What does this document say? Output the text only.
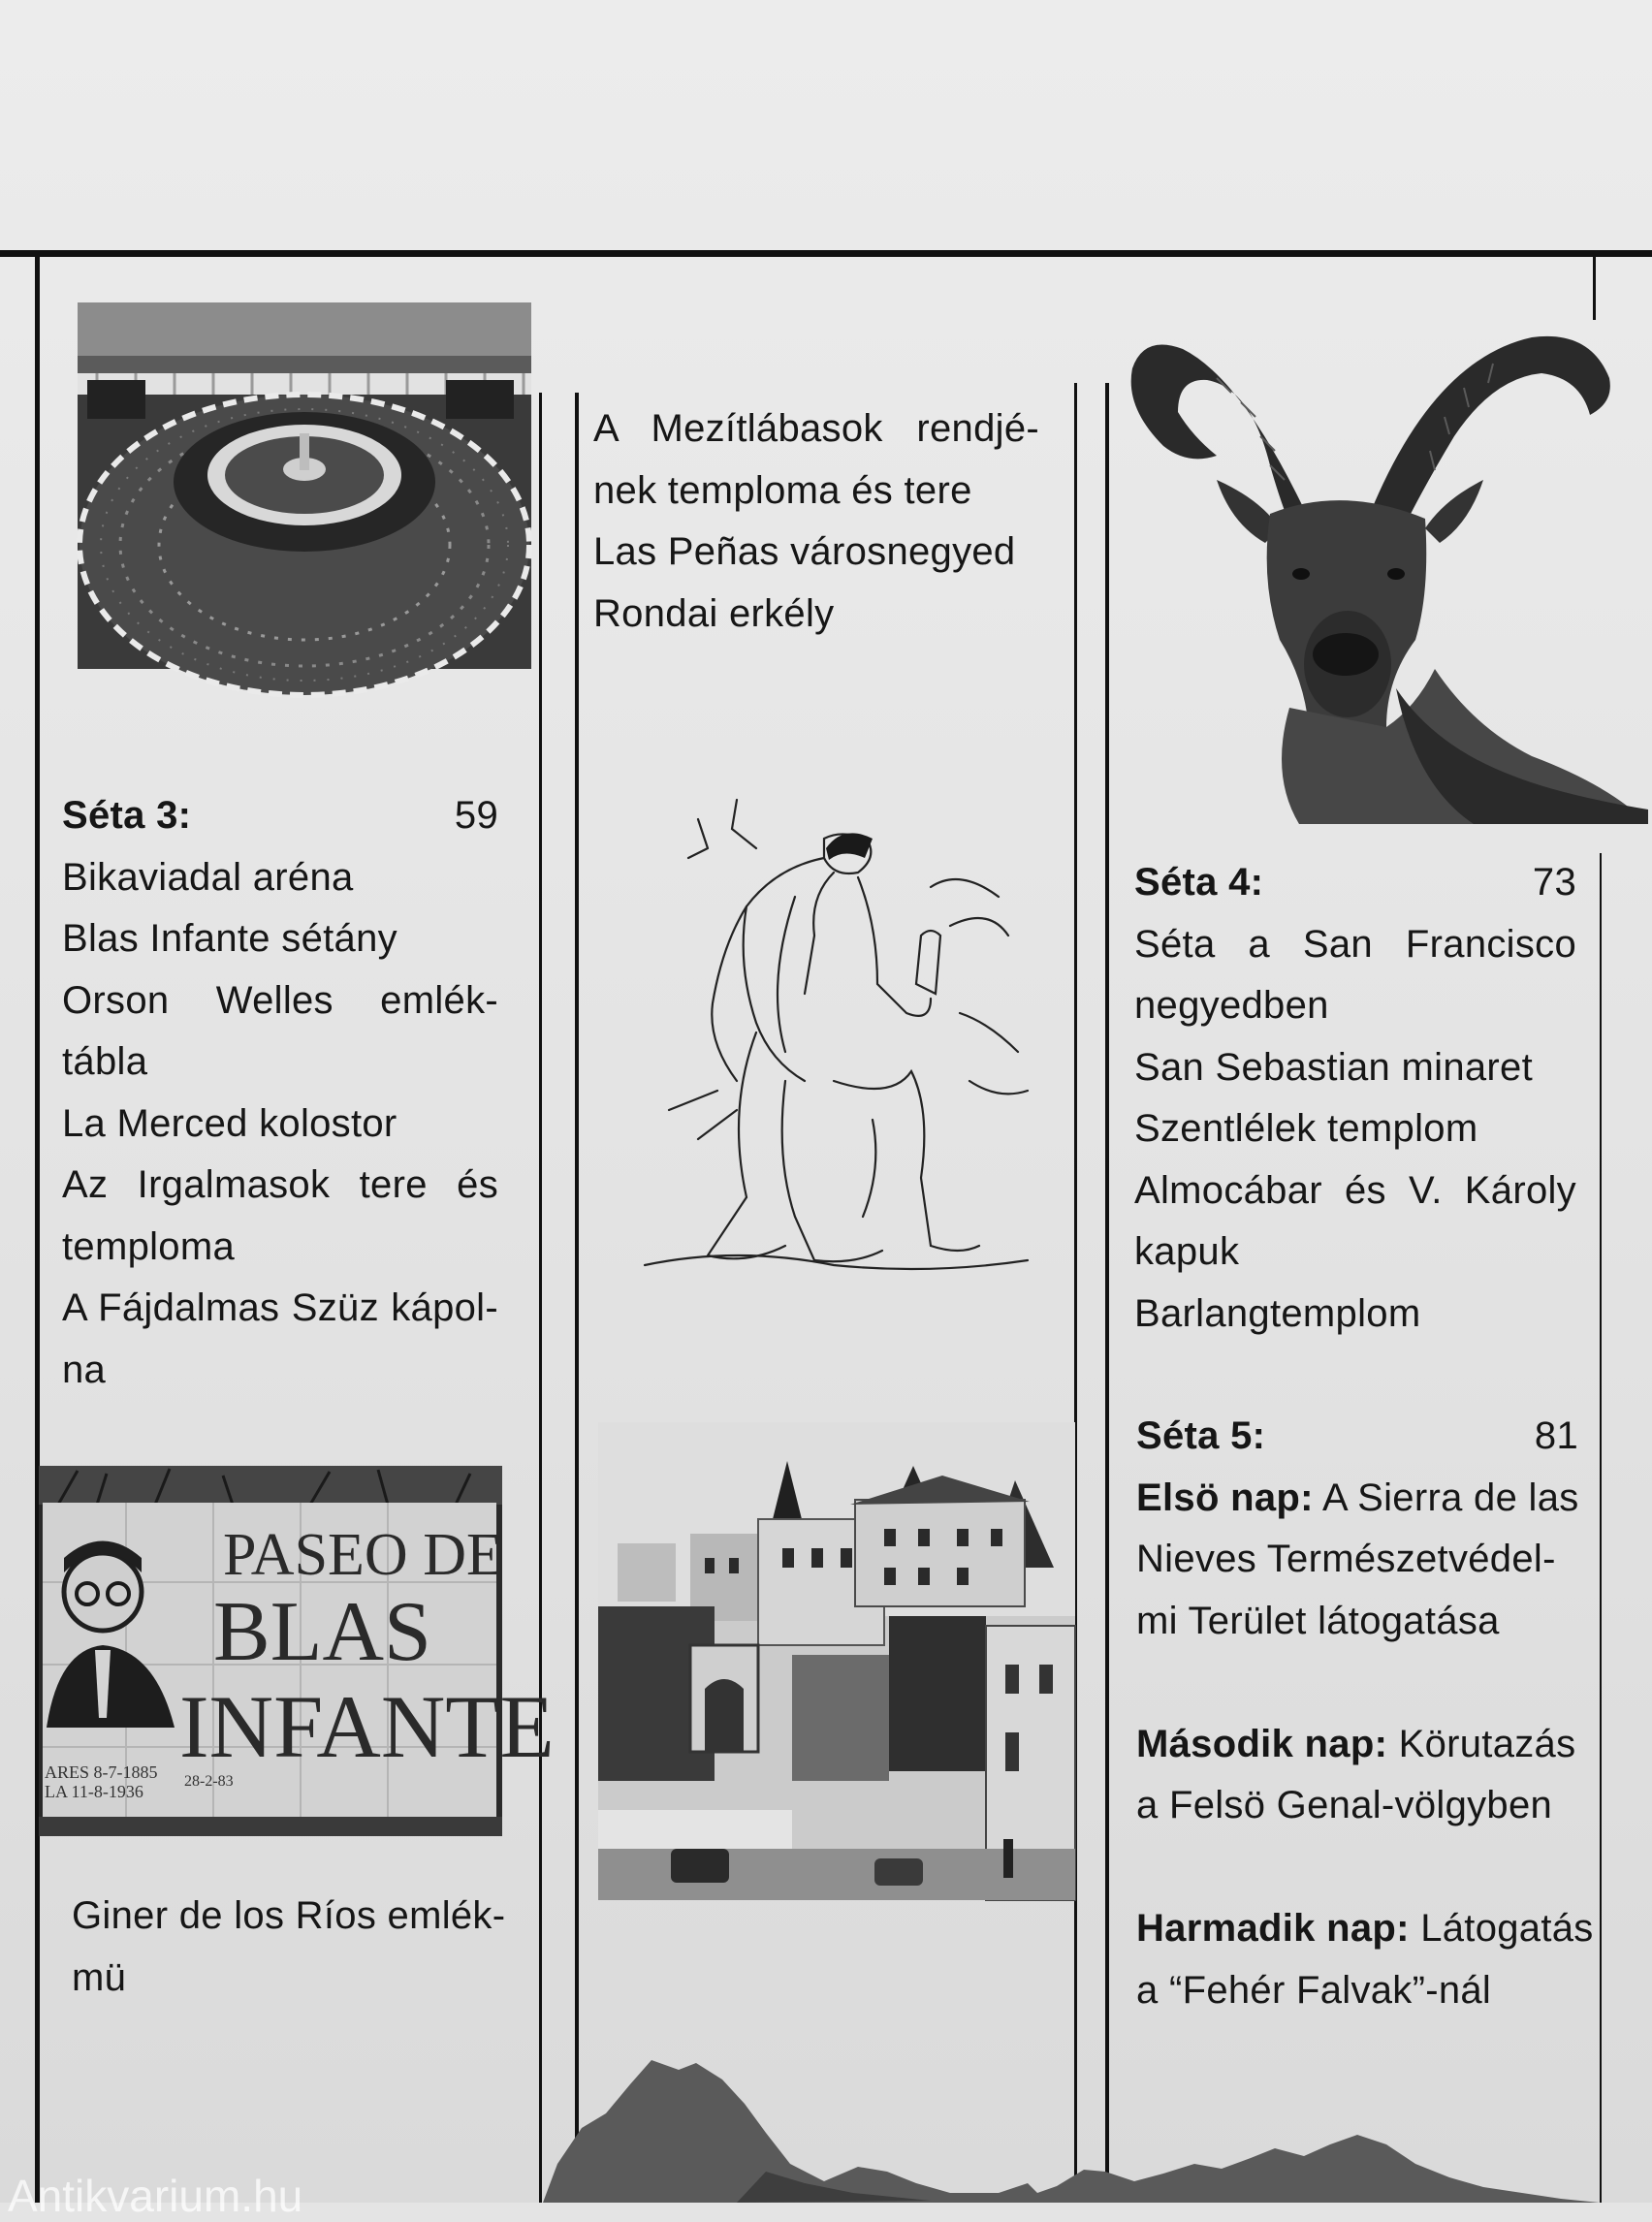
Séta 3:	59
Bikaviadal aréna
Blas Infante sétány
Orson Welles emlék-
tábla
La Merced kolostor
Az Irgalmasok tere és
temploma
A Fájdalmas Szüz kápol-
na
PASEO DE
BLAS
INFANTE
ARES 8-7-1885
LA 11-8-1936
28-2-83
Giner de los Ríos emlék-
mü
A Mezítlábasok rendjé-
nek temploma és tere
Las Peñas városnegyed
Rondai erkély
Séta 4:	73
Séta a San Francisco
negyedben
San Sebastian minaret
Szentlélek templom
Almocábar és V. Károly
kapuk
Barlangtemplom
Séta 5:	81
Elsö nap: A Sierra de las
Nieves Természetvédel-
mi Terület látogatása
Második nap: Körutazás
a Felsö Genal-völgyben
Harmadik nap: Látogatás
a “Fehér Falvak”-nál
Antikvarium.hu
